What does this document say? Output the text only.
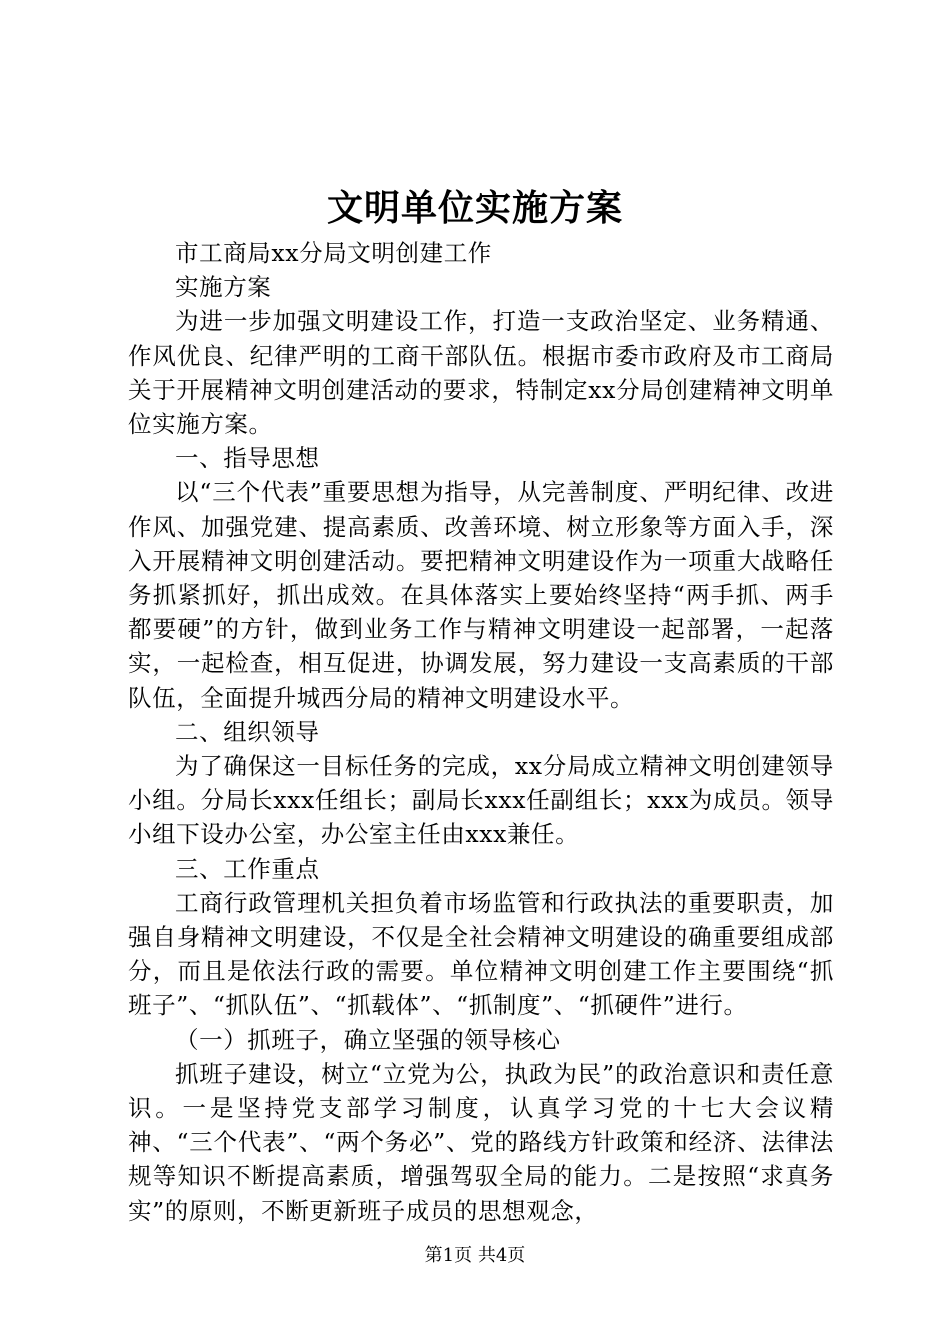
文明单位实施方案

市工商局xx分局文明创建工作

实施方案

为进一步加强文明建设工作，打造一支政治坚定、业务精通、作风优良、纪律严明的工商干部队伍。根据市委市政府及市工商局关于开展精神文明创建活动的要求，特制定xx分局创建精神文明单位实施方案。

一、指导思想

以“三个代表”重要思想为指导，从完善制度、严明纪律、改进作风、加强党建、提高素质、改善环境、树立形象等方面入手，深入开展精神文明创建活动。要把精神文明建设作为一项重大战略任务抓紧抓好，抓出成效。在具体落实上要始终坚持“两手抓、两手都要硬”的方针，做到业务工作与精神文明建设一起部署，一起落实，一起检查，相互促进，协调发展，努力建设一支高素质的干部队伍，全面提升城西分局的精神文明建设水平。

二、组织领导

为了确保这一目标任务的完成，xx分局成立精神文明创建领导小组。分局长xxx任组长；副局长xxx任副组长；xxx为成员。领导小组下设办公室，办公室主任由xxx兼任。

三、工作重点

工商行政管理机关担负着市场监管和行政执法的重要职责，加强自身精神文明建设，不仅是全社会精神文明建设的确重要组成部分，而且是依法行政的需要。单位精神文明创建工作主要围绕“抓班子”、“抓队伍”、“抓载体”、“抓制度”、“抓硬件”进行。

（一）抓班子，确立坚强的领导核心

抓班子建设，树立“立党为公，执政为民”的政治意识和责任意识。一是坚持党支部学习制度，认真学习党的十七大会议精神、“三个代表”、“两个务必”、党的路线方针政策和经济、法律法规等知识不断提高素质，增强驾驭全局的能力。二是按照“求真务实”的原则，不断更新班子成员的思想观念，

第1页 共4页
